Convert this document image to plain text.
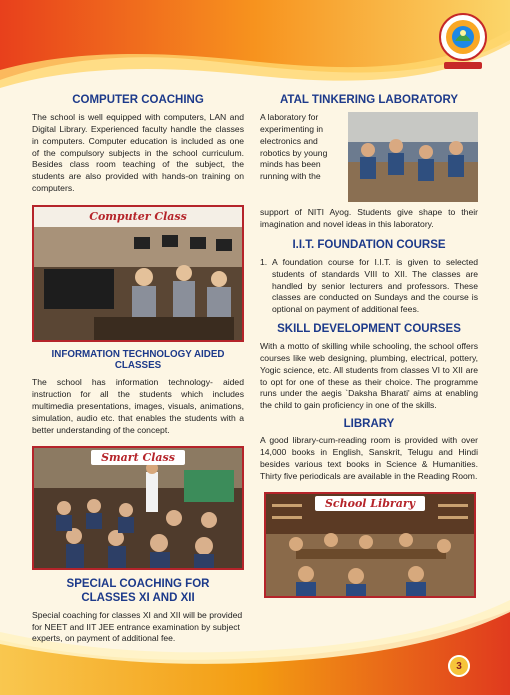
COMPUTER COACHING

The school is well equipped with computers, LAN and Digital Library. Experienced faculty handle the classes in computers. Computer education is included as one of the compulsory subjects in the school curriculum. Besides class room teaching of the subject, the students are also provided with hands-on training on computers.

Computer Class
INFORMATION TECHNOLOGY AIDED CLASSES

The school has information technology- aided instruction for all the students which includes multimedia presentations, images, visuals, animations, simulation, audio etc. that enables the students with a better understanding of the concept.

Smart Class
SPECIAL COACHING FOR CLASSES XI AND XII

Special coaching for classes XI and XII will be provided for NEET and IIT JEE entrance examination by subject experts, on payment of additional fee.

ATAL TINKERING LABORATORY

A laboratory for experimenting in electronics and robotics by young minds has been running with the

support of NITI Ayog. Students give shape to their imagination and novel ideas in this laboratory.

I.I.T. FOUNDATION COURSE
1. A foundation course for I.I.T. is given to selected students of standards VIII to XII. The classes are handled by senior lecturers and professors. These classes are conducted on Sundays and the course is optional on payment of additional fees.

SKILL DEVELOPMENT COURSES

With a motto of skilling while schooling, the school offers courses like web designing, plumbing, electrical, pottery, Yogic science, etc. All students from classes VI to XII are to opt for one of these as their choice. The programme runs under the aegis `Daksha Bharati' aims at enabling the child to gain proficiency in one of the skills.

LIBRARY

A good library-cum-reading room is provided with over 14,000 books in English, Sanskrit, Telugu and Hindi besides various text books in Science & Humanities. Thirty five periodicals are available in the Reading Room.

School Library
3
